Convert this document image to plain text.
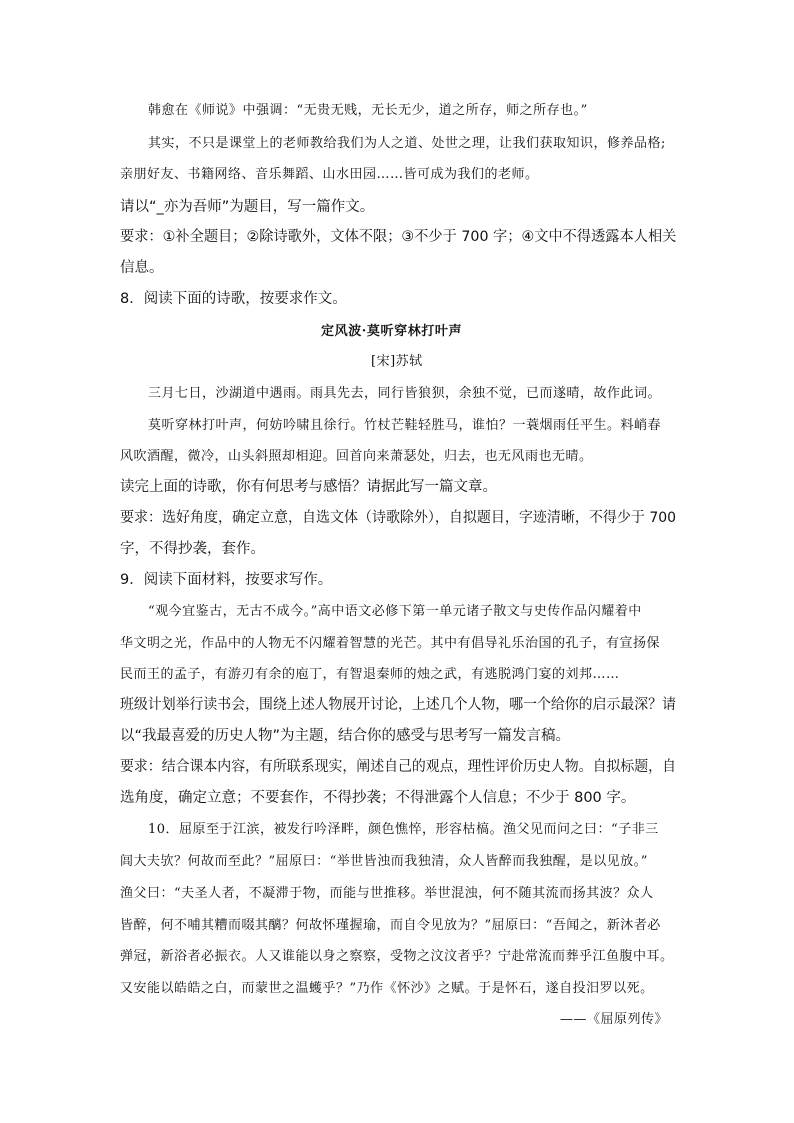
韩愈在《师说》中强调：“无贵无贱，无长无少，道之所存，师之所存也。”
其实，不只是课堂上的老师教给我们为人之道、处世之理，让我们获取知识，修养品格;
亲朋好友、书籍网络、音乐舞蹈、山水田园……皆可成为我们的老师。
请以“_亦为吾师”为题目，写一篇作文。
要求：①补全题目；②除诗歌外，文体不限；③不少于 700 字；④文中不得透露本人相关
信息。
8．阅读下面的诗歌，按要求作文。
定风波·莫听穿林打叶声
[宋]苏轼
三月七日，沙湖道中遇雨。雨具先去，同行皆狼狈，余独不觉，已而遂晴，故作此词。
莫听穿林打叶声，何妨吟啸且徐行。竹杖芒鞋轻胜马，谁怕？一蓑烟雨任平生。料峭春
风吹酒醒，微冷，山头斜照却相迎。回首向来萧瑟处，归去，也无风雨也无晴。
读完上面的诗歌，你有何思考与感悟？请据此写一篇文章。
要求：选好角度，确定立意，自选文体（诗歌除外），自拟题目，字迹清晰，不得少于 700
字，不得抄袭，套作。
9．阅读下面材料，按要求写作。
“观今宜鉴古，无古不成今。”高中语文必修下第一单元诸子散文与史传作品闪耀着中
华文明之光，作品中的人物无不闪耀着智慧的光芒。其中有倡导礼乐治国的孔子，有宣扬保
民而王的孟子，有游刃有余的庖丁，有智退秦师的烛之武，有逃脱鸿门宴的刘邦……
班级计划举行读书会，围绕上述人物展开讨论，上述几个人物，哪一个给你的启示最深？请
以“我最喜爱的历史人物”为主题，结合你的感受与思考写一篇发言稿。
要求：结合课本内容，有所联系现实，阐述自己的观点，理性评价历史人物。自拟标题，自
选角度，确定立意；不要套作，不得抄袭；不得泄露个人信息；不少于 800 字。
10．屈原至于江滨，被发行吟泽畔，颜色憔悴，形容枯槁。渔父见而问之曰：“子非三
闾大夫欤？何故而至此？”屈原曰：“举世皆浊而我独清，众人皆醉而我独醒，是以见放。”
渔父曰：“夫圣人者，不凝滞于物，而能与世推移。举世混浊，何不随其流而扬其波？众人
皆醉，何不哺其糟而啜其醨？何故怀瑾握瑜，而自令见放为？”屈原曰：“吾闻之，新沐者必
弹冠，新浴者必振衣。人又谁能以身之察察，受物之汶汶者乎？宁赴常流而葬乎江鱼腹中耳。
又安能以皓皓之白，而蒙世之温蠖乎？”乃作《怀沙》之赋。于是怀石，遂自投汨罗以死。
——《屈原列传》
